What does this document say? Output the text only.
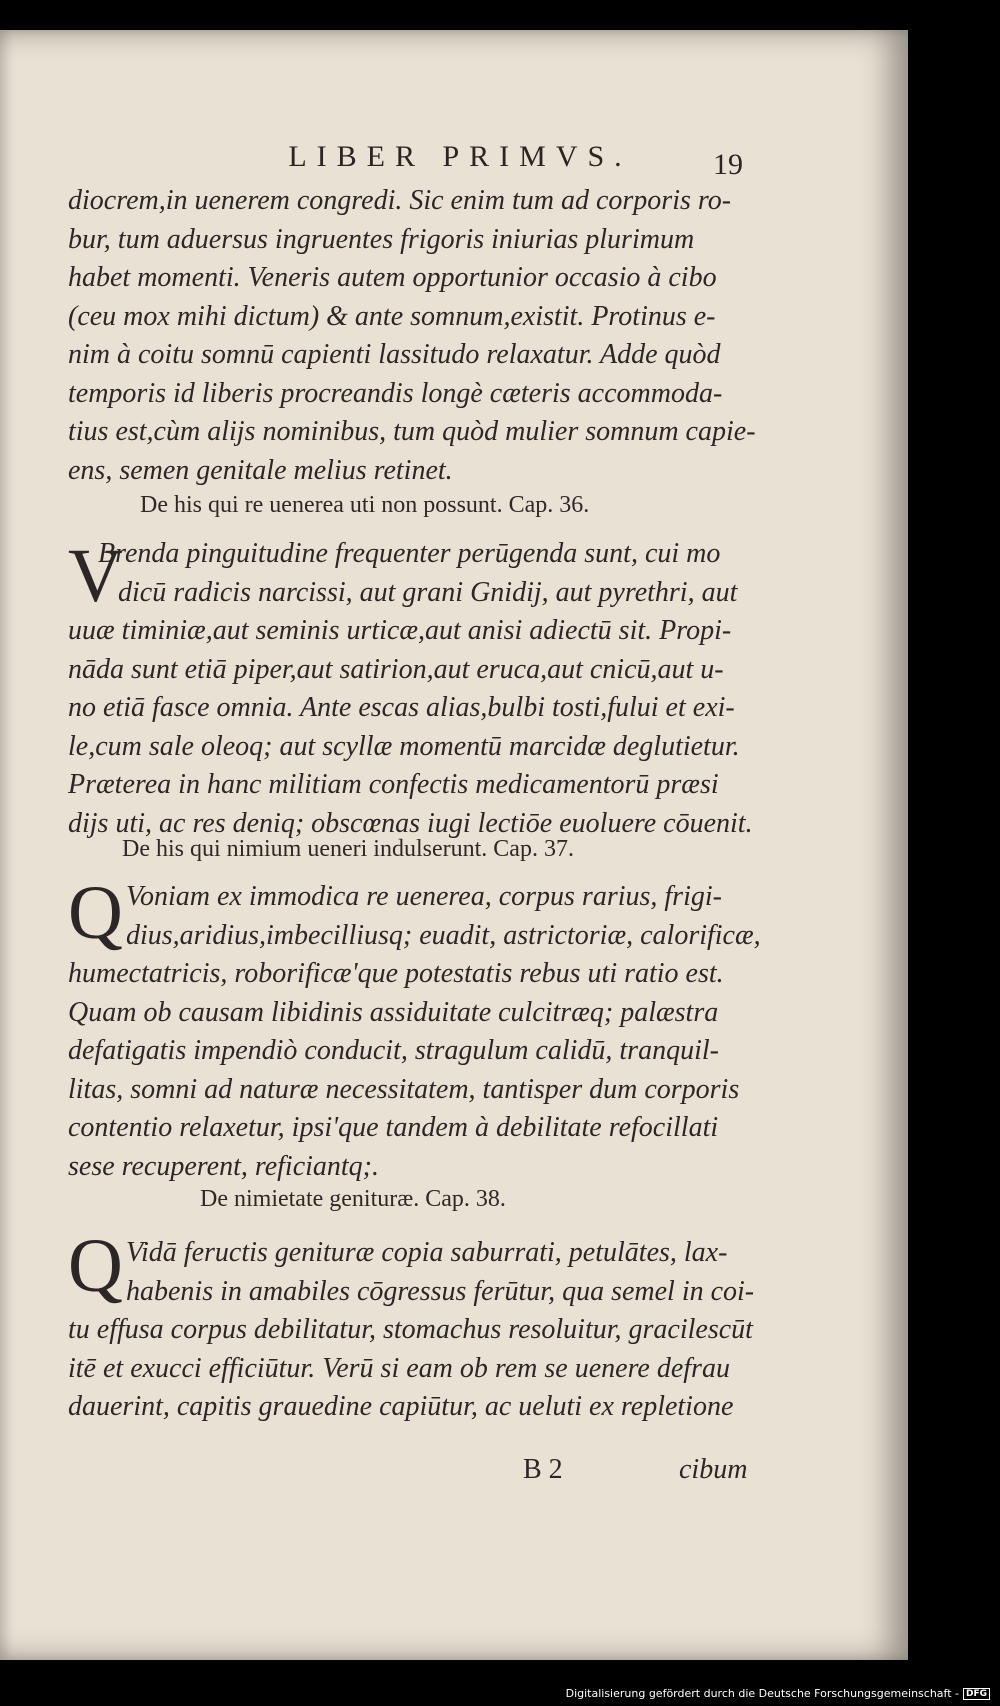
LIBER PRIMVS.	19
diocrem,in uenerem congredi. Sic enim tum ad corporis ro-
bur, tum aduersus ingruentes frigoris iniurias plurimum
habet momenti. Veneris autem opportunior occasio à cibo
(ceu mox mihi dictum) & ante somnum,existit. Protinus e-
nim à coitu somnū capienti lassitudo relaxatur. Adde quòd
temporis id liberis procreandis longè cæteris accommoda-
tius est,cùm alijs nominibus, tum quòd mulier somnum capie-
ens, semen genitale melius retinet.
De his qui re uenerea uti non possunt. Cap. 36.
V
Brenda pinguitudine frequenter perūgenda sunt, cui mo
dicū radicis narcissi, aut grani Gnidij, aut pyrethri, aut
uuæ timiniæ,aut seminis urticæ,aut anisi adiectū sit. Propi-
nāda sunt etiā piper,aut satirion,aut eruca,aut cnicū,aut u-
no etiā fasce omnia. Ante escas alias,bulbi tosti,fului et exi-
le,cum sale oleoq; aut scyllæ momentū marcidæ deglutietur.
Præterea in hanc militiam confectis medicamentorū præsi
dijs uti, ac res deniq; obscœnas iugi lectiōe euoluere cōuenit.
De his qui nimium ueneri indulserunt. Cap. 37.
Q Voniam ex immodica re uenerea, corpus rarius, frigi-
dius,aridius,imbecilliusq; euadit, astrictoriæ, calorificæ,
humectatricis, roborificæ'que potestatis rebus uti ratio est.
Quam ob causam libidinis assiduitate culcitræq; palæstra
defatigatis impendiò conducit, stragulum calidū, tranquil-
litas, somni ad naturæ necessitatem, tantisper dum corporis
contentio relaxetur, ipsi'que tandem à debilitate refocillati
sese recuperent, reficiantq;.
De nimietate genituræ. Cap. 38.
Q Vidā feructis genituræ copia saburrati, petulātes, lax-
habenis in amabiles cōgressus ferūtur, qua semel in coi-
tu effusa corpus debilitatur, stomachus resoluitur, gracilescūt
itē et exucci efficiūtur. Verū si eam ob rem se uenere defrau
dauerint, capitis grauedine capiūtur, ac ueluti ex repletione
B 2	cibum
Digitalisierung gefördert durch die Deutsche Forschungsgemeinschaft - DFG
